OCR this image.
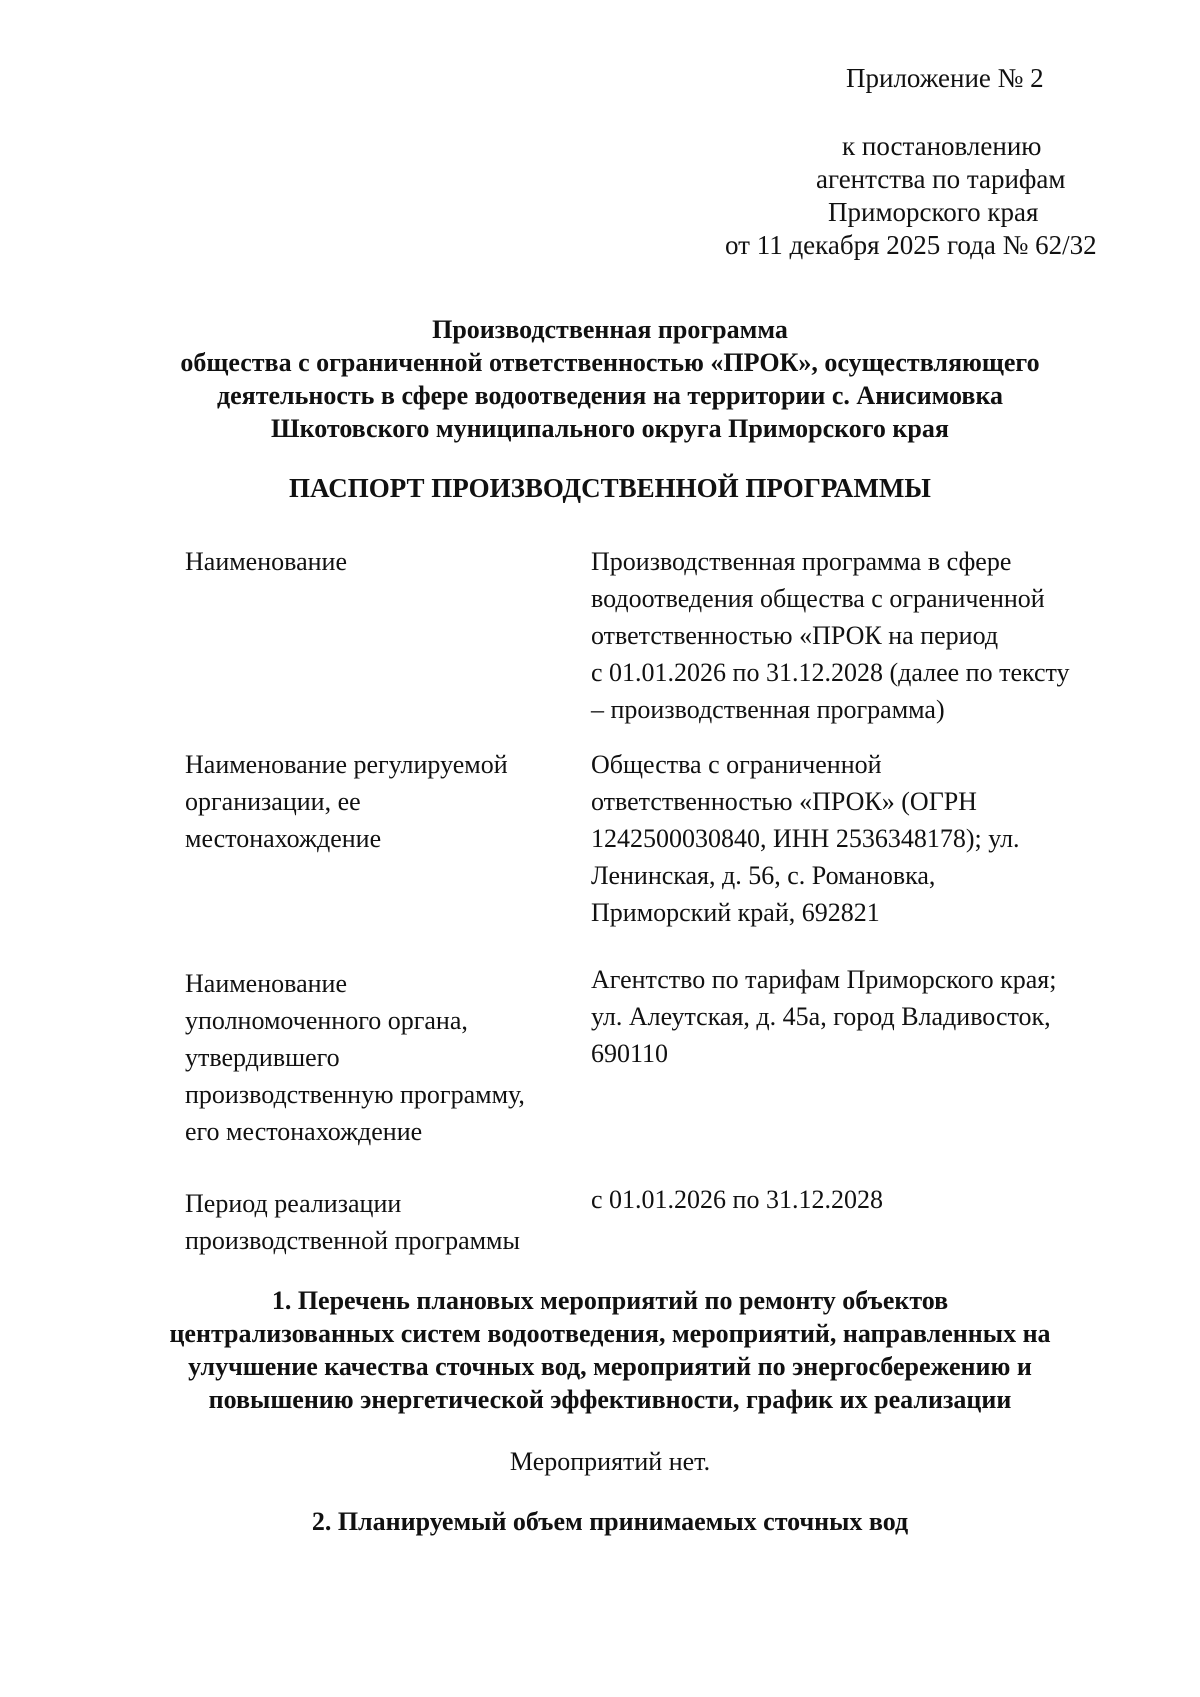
Приложение № 2
к постановлению
агентства по тарифам
Приморского края
от 11 декабря 2025 года № 62/32
Производственная программа
общества с ограниченной ответственностью «ПРОК», осуществляющего
деятельность в сфере водоотведения на территории с. Анисимовка
Шкотовского муниципального округа Приморского края
ПАСПОРТ ПРОИЗВОДСТВЕННОЙ ПРОГРАММЫ
Наименование	Производственная программа в сфере
водоотведения общества с ограниченной
ответственностью «ПРОК на период
с 01.01.2026 по 31.12.2028 (далее по тексту
– производственная программа)
Наименование регулируемой
организации, ее
местонахождение
Общества с ограниченной
ответственностью «ПРОК» (ОГРН
1242500030840, ИНН 2536348178); ул.
Ленинская, д. 56, с. Романовка,
Приморский край, 692821
Наименование
уполномоченного органа,
утвердившего
производственную программу,
его местонахождение
Агентство по тарифам Приморского края;
ул. Алеутская, д. 45а, город Владивосток,
690110
Период реализации
производственной программы
с 01.01.2026 по 31.12.2028
1. Перечень плановых мероприятий по ремонту объектов
централизованных систем водоотведения, мероприятий, направленных на
улучшение качества сточных вод, мероприятий по энергосбережению и
повышению энергетической эффективности, график их реализации
Мероприятий нет.
2. Планируемый объем принимаемых сточных вод
